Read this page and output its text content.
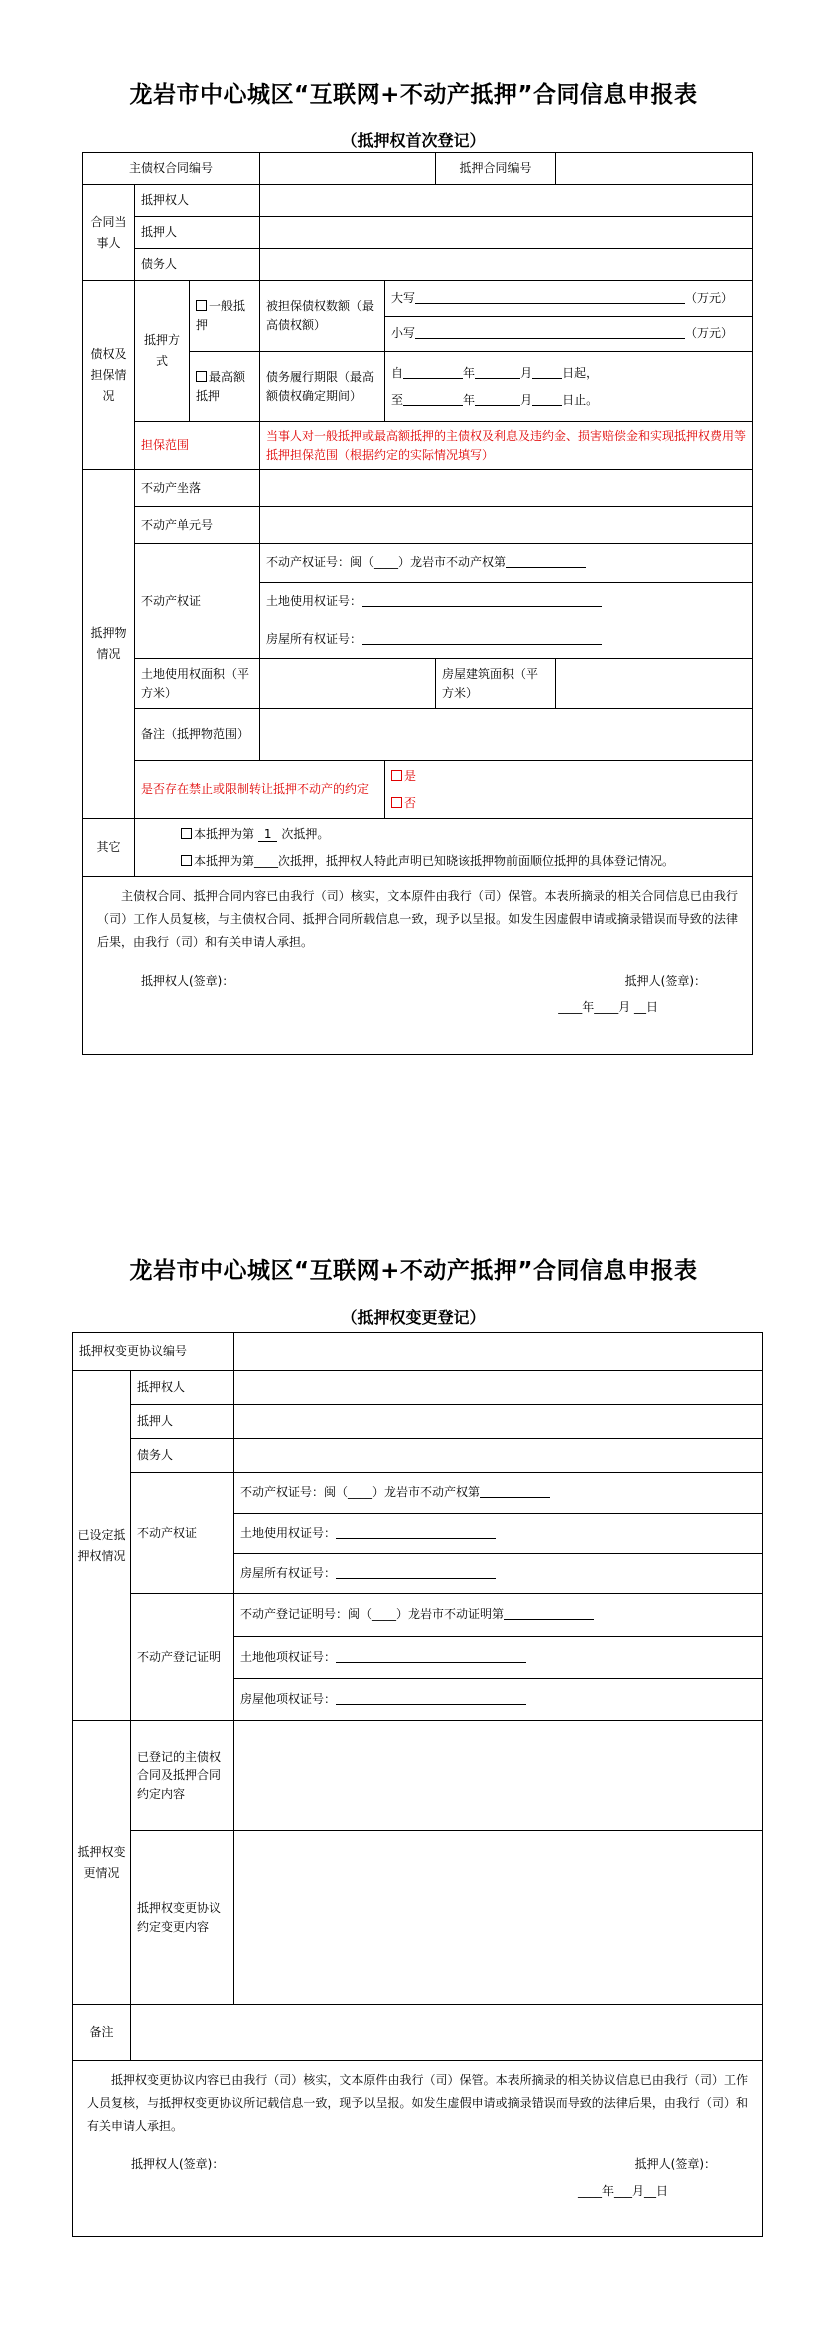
龙岩市中心城区“互联网+不动产抵押”合同信息申报表
（抵押权首次登记）
主债权合同编号		抵押合同编号	
合同当事人	抵押权人	
抵押人	
债务人	
债权及担保情况	抵押方式	一般抵押	被担保债权数额（最高债权额）	
大写	（万元）
小写	（万元）

最高额抵押	债务履行期限（最高额债权确定期间）	
自	年	月	日起，
至	年	月	日止。

担保范围	当事人对一般抵押或最高额抵押的主债权及利息及违约金、损害赔偿金和实现抵押权费用等抵押担保范围（根据约定的实际情况填写）
抵押物情况	不动产坐落	
不动产单元号	
不动产权证	
不动产权证号：闽（____）龙岩市不动产权第
土地使用权证号：
房屋所有权证号：

土地使用权面积（平方米）		房屋建筑面积（平方米）	
备注（抵押物范围）	
是否存在禁止或限制转让抵押不动产的约定	
是
否

其它	
本抵押为第 1 次抵押。
本抵押为第____次抵押，抵押权人特此声明已知晓该抵押物前面顺位抵押的具体登记情况。

主债权合同、抵押合同内容已由我行（司）核实，文本原件由我行（司）保管。本表所摘录的相关合同信息已由我行（司）工作人员复核，与主债权合同、抵押合同所载信息一致，现予以呈报。如发生因虚假申请或摘录错误而导致的法律后果，由我行（司）和有关申请人承担。
抵押权人(签章)：	抵押人(签章)：
____年____月 __日
龙岩市中心城区“互联网+不动产抵押”合同信息申报表
（抵押权变更登记）
抵押权变更协议编号	
已设定抵押权情况	抵押权人	
抵押人	
债务人	
不动产权证	
不动产权证号：闽（____）龙岩市不动产权第
土地使用权证号：
房屋所有权证号：

不动产登记证明	
不动产登记证明号：闽（____）龙岩市不动证明第
土地他项权证号：
房屋他项权证号：

抵押权变更情况	已登记的主债权合同及抵押合同约定内容	
抵押权变更协议约定变更内容	
备注	

抵押权变更协议内容已由我行（司）核实，文本原件由我行（司）保管。本表所摘录的相关协议信息已由我行（司）工作人员复核，与抵押权变更协议所记载信息一致，现予以呈报。如发生虚假申请或摘录错误而导致的法律后果，由我行（司）和有关申请人承担。
抵押权人(签章)：	抵押人(签章)：
____年___月__日
